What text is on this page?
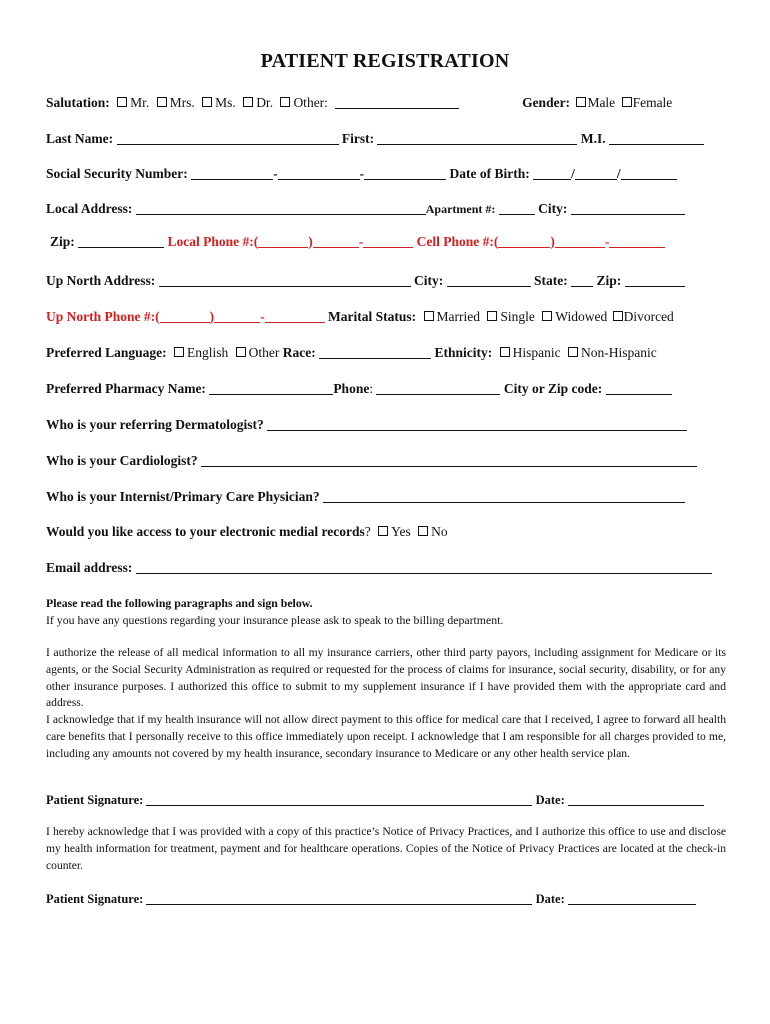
PATIENT REGISTRATION
Salutation: Mr. Mrs. Ms. Dr. Other:	Gender: Male Female
Last Name:	First:	M.I.
Social Security Number:	-	-	Date of Birth:	/	/
Local Address:	Apartment #:	City:
Zip:	Local Phone #:(	)	-	Cell Phone #:(	)	-
Up North Address:	City:	State: Zip:
Up North Phone #:(	)	-	Marital Status: Married Single Widowed Divorced
Preferred Language: English Other Race:	Ethnicity: Hispanic Non-Hispanic
Preferred Pharmacy Name:	Phone:	City or Zip code:
Who is your referring Dermatologist?
Who is your Cardiologist?
Who is your Internist/Primary Care Physician?
Would you like access to your electronic medial records? Yes No
Email address:

Please read the following paragraphs and sign below.

If you have any questions regarding your insurance please ask to speak to the billing department.

I authorize the release of all medical information to all my insurance carriers, other third party payors, including assignment for Medicare or its agents, or the Social Security Administration as required or requested for the process of claims for insurance, social security, disability, or for any other insurance purposes. I authorized this office to submit to my supplement insurance if I have provided them with the appropriate card and address.

I acknowledge that if my health insurance will not allow direct payment to this office for medical care that I received, I agree to forward all health care benefits that I personally receive to this office immediately upon receipt. I acknowledge that I am responsible for all charges provided to me, including any amounts not covered by my health insurance, secondary insurance to Medicare or any other health service plan.

Patient Signature:	Date:

I hereby acknowledge that I was provided with a copy of this practice’s Notice of Privacy Practices, and I authorize this office to use and disclose my health information for treatment, payment and for healthcare operations. Copies of the Notice of Privacy Practices are located at the check-in counter.

Patient Signature:	Date:
